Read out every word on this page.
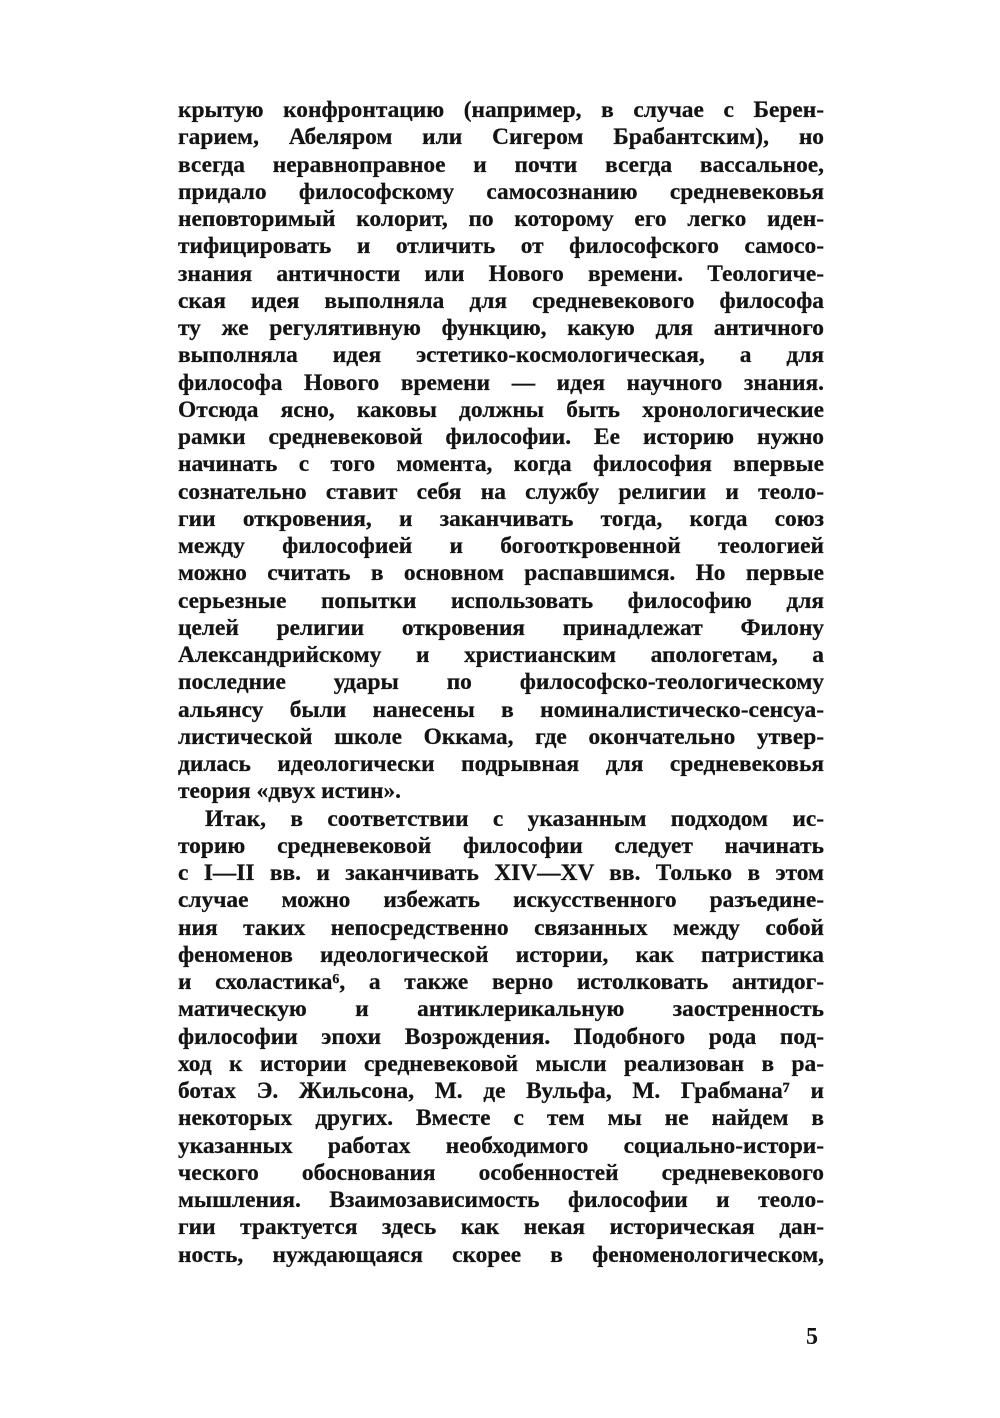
крытую конфронтацию (например, в случае с Берен-
гарием, Абеляром или Сигером Брабантским), но
всегда неравноправное и почти всегда вассальное,
придало философскому самосознанию средневековья
неповторимый колорит, по которому его легко иден-
тифицировать и отличить от философского самосо-
знания античности или Нового времени. Теологиче-
ская идея выполняла для средневекового философа
ту же регулятивную функцию, какую для античного
выполняла идея эстетико-космологическая, а для
философа Нового времени — идея научного знания.
Отсюда ясно, каковы должны быть хронологические
рамки средневековой философии. Ее историю нужно
начинать с того момента, когда философия впервые
сознательно ставит себя на службу религии и теоло-
гии откровения, и заканчивать тогда, когда союз
между философией и богооткровенной теологией
можно считать в основном распавшимся. Но первые
серьезные попытки использовать философию для
целей религии откровения принадлежат Филону
Александрийскому и христианским апологетам, а
последние удары по философско-теологическому
альянсу были нанесены в номиналистическо-сенсуа-
листической школе Оккама, где окончательно утвер-
дилась идеологически подрывная для средневековья
теория «двух истин».
Итак, в соответствии с указанным подходом ис-
торию средневековой философии следует начинать
с I—II вв. и заканчивать XIV—XV вв. Только в этом
случае можно избежать искусственного разъедине-
ния таких непосредственно связанных между собой
феноменов идеологической истории, как патристика
и схоластика⁶, а также верно истолковать антидог-
матическую и антиклерикальную заостренность
философии эпохи Возрождения. Подобного рода под-
ход к истории средневековой мысли реализован в ра-
ботах Э. Жильсона, М. де Вульфа, М. Грабмана⁷ и
некоторых других. Вместе с тем мы не найдем в
указанных работах необходимого социально-истори-
ческого обоснования особенностей средневекового
мышления. Взаимозависимость философии и теоло-
гии трактуется здесь как некая историческая дан-
ность, нуждающаяся скорее в феноменологическом,
5
